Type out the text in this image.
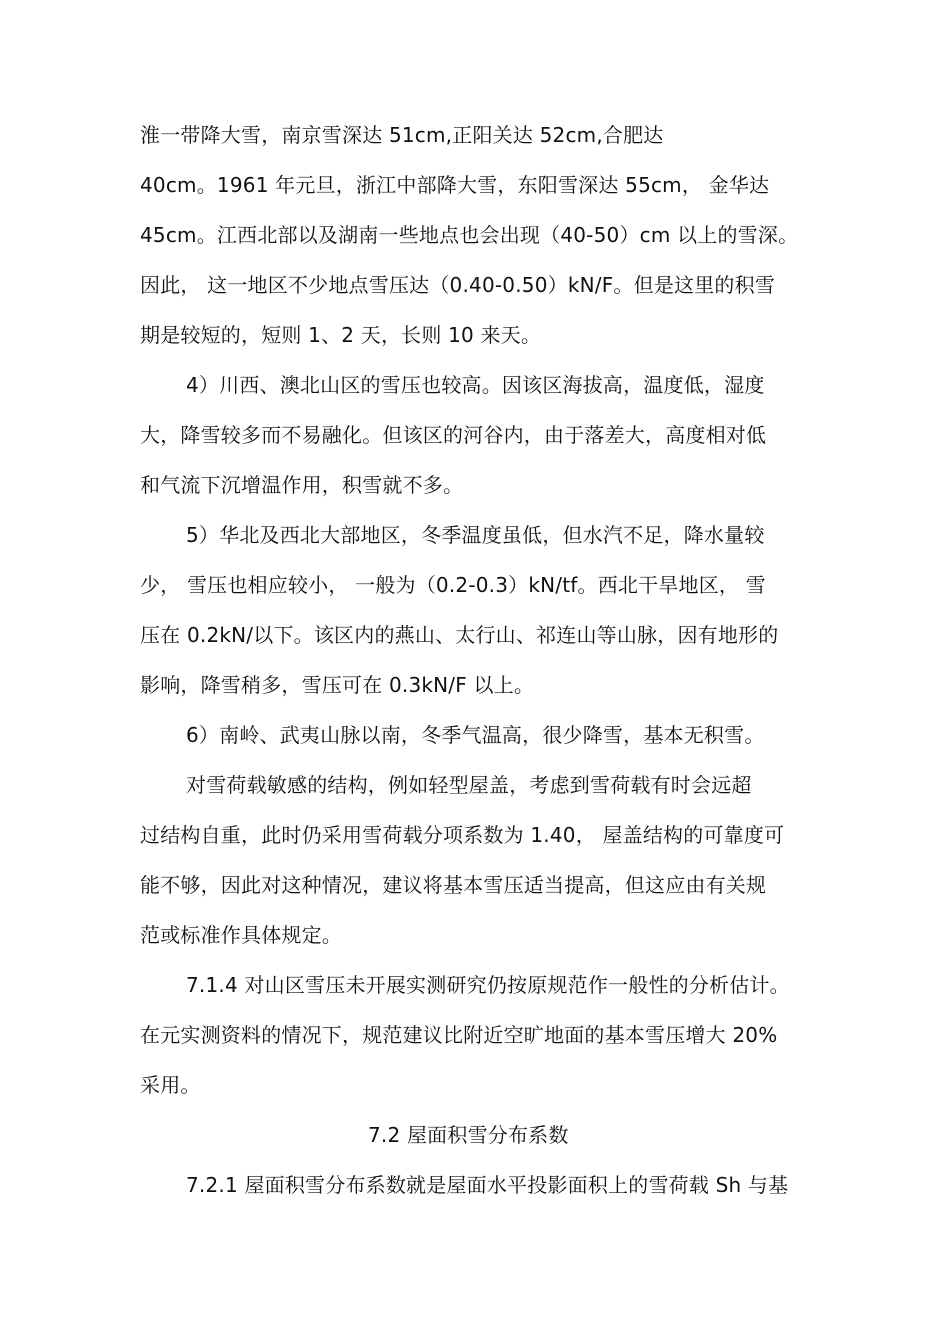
淮一带降大雪，南京雪深达 51cm,正阳关达 52cm,合肥达
40cm。1961 年元旦，浙江中部降大雪，东阳雪深达 55cm， 金华达
45cm。江西北部以及湖南一些地点也会出现（40-50）cm 以上的雪深。
因此， 这一地区不少地点雪压达（0.40-0.50）kN/F。但是这里的积雪
期是较短的，短则 1、2 天，长则 10 来天。
4）川西、澳北山区的雪压也较高。因该区海拔高，温度低，湿度
大，降雪较多而不易融化。但该区的河谷内，由于落差大，高度相对低
和气流下沉增温作用，积雪就不多。
5）华北及西北大部地区，冬季温度虽低，但水汽不足，降水量较
少， 雪压也相应较小， 一般为（0.2-0.3）kN/tf。西北干旱地区， 雪
压在 0.2kN/以下。该区内的燕山、太行山、祁连山等山脉，因有地形的
影响，降雪稍多，雪压可在 0.3kN/F 以上。
6）南岭、武夷山脉以南，冬季气温高，很少降雪，基本无积雪。
对雪荷载敏感的结构，例如轻型屋盖，考虑到雪荷载有时会远超
过结构自重，此时仍采用雪荷载分项系数为 1.40， 屋盖结构的可靠度可
能不够，因此对这种情况，建议将基本雪压适当提高，但这应由有关规
范或标准作具体规定。
7.1.4 对山区雪压未开展实测研究仍按原规范作一般性的分析估计。
在元实测资料的情况下，规范建议比附近空旷地面的基本雪压增大 20%
采用。
7.2 屋面积雪分布系数
7.2.1 屋面积雪分布系数就是屋面水平投影面积上的雪荷载 Sh 与基
